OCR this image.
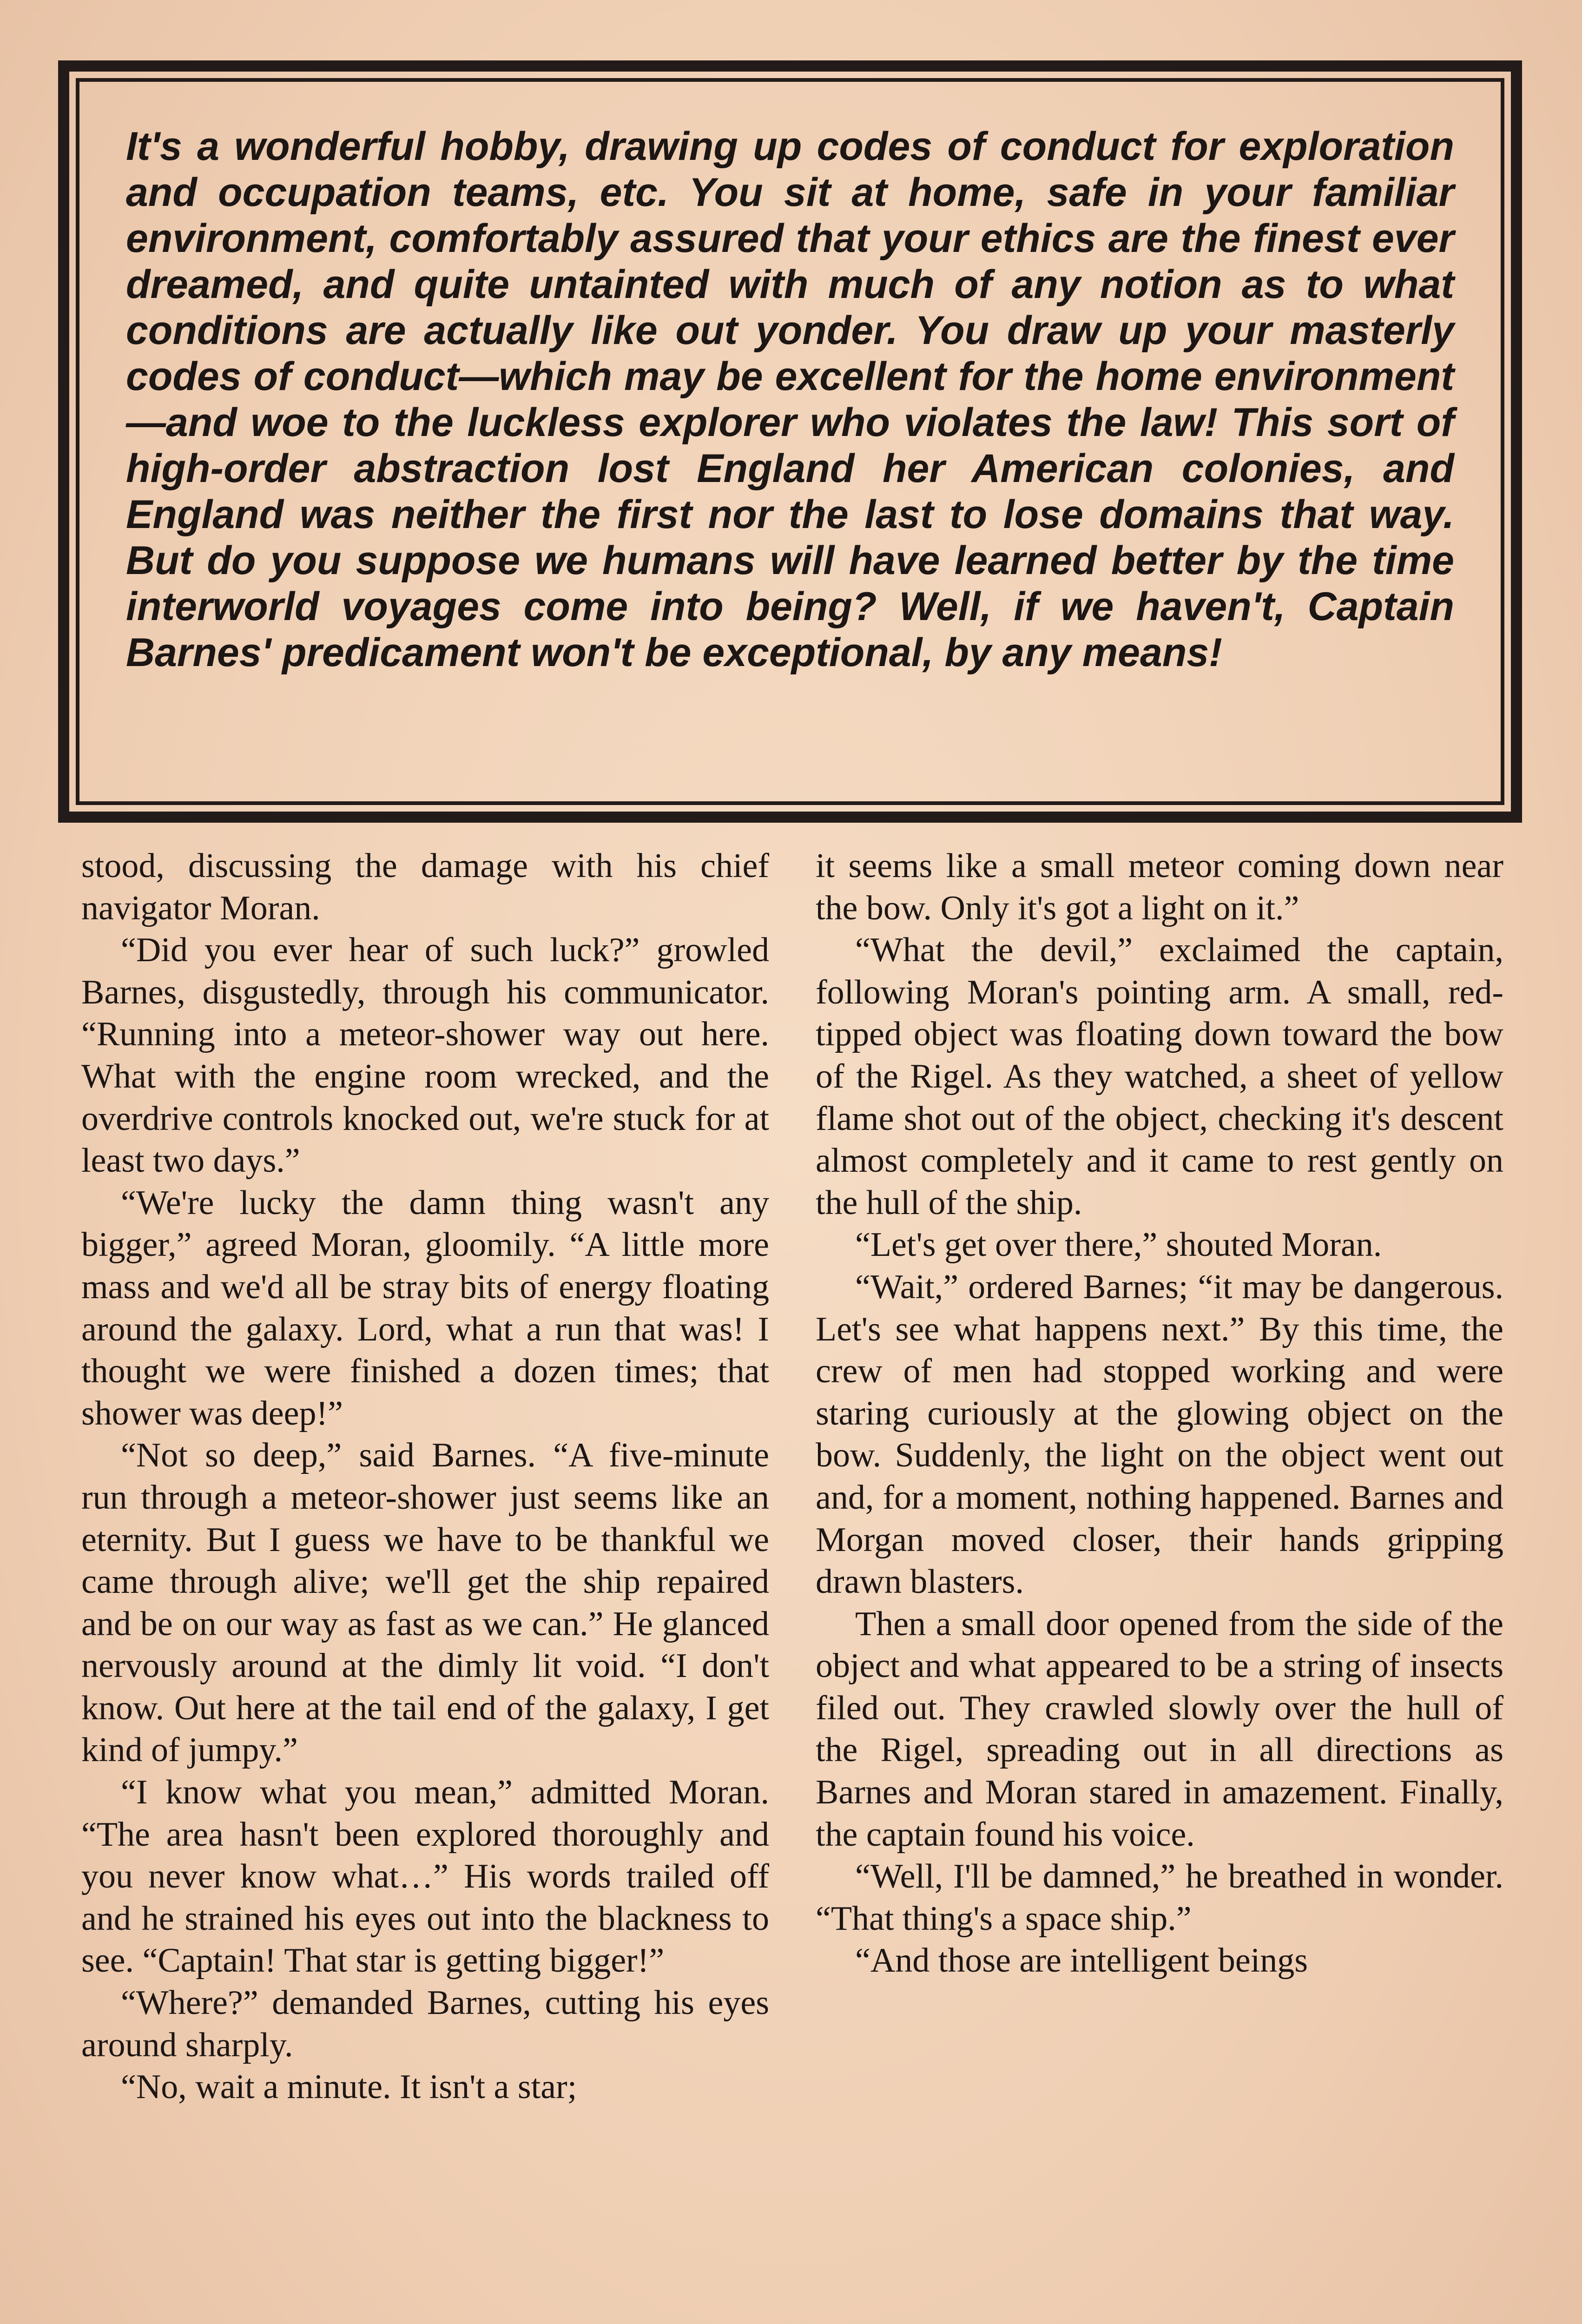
It's a wonderful hobby, drawing up codes of conduct for exploration and occupation teams, etc. You sit at home, safe in your familiar environment, comfortably assured that your ethics are the finest ever dreamed, and quite untainted with much of any notion as to what conditions are actually like out yonder. You draw up your masterly codes of conduct—which may be excellent for the home environment—and woe to the luckless explorer who violates the law! This sort of high-order abstraction lost England her American colonies, and England was neither the first nor the last to lose domains that way. But do you suppose we humans will have learned better by the time interworld voyages come into being? Well, if we haven't, Captain Barnes' predicament won't be exceptional, by any means!

stood, discussing the damage with his chief navigator Moran.

“Did you ever hear of such luck?” growled Barnes, disgustedly, through his communicator. “Running into a meteor-shower way out here. What with the engine room wrecked, and the overdrive controls knocked out, we're stuck for at least two days.”

“We're lucky the damn thing wasn't any bigger,” agreed Moran, gloomily. “A little more mass and we'd all be stray bits of energy floating around the galaxy. Lord, what a run that was! I thought we were finished a dozen times; that shower was deep!”

“Not so deep,” said Barnes. “A five-minute run through a meteor-shower just seems like an eternity. But I guess we have to be thankful we came through alive; we'll get the ship repaired and be on our way as fast as we can.” He glanced nervously around at the dimly lit void. “I don't know. Out here at the tail end of the galaxy, I get kind of jumpy.”

“I know what you mean,” admitted Moran. “The area hasn't been explored thoroughly and you never know what…” His words trailed off and he strained his eyes out into the blackness to see. “Captain! That star is getting bigger!”

“Where?” demanded Barnes, cutting his eyes around sharply.

“No, wait a minute. It isn't a star;

it seems like a small meteor coming down near the bow. Only it's got a light on it.”

“What the devil,” exclaimed the captain, following Moran's pointing arm. A small, red-tipped object was floating down toward the bow of the Rigel. As they watched, a sheet of yellow flame shot out of the object, checking it's descent almost completely and it came to rest gently on the hull of the ship.

“Let's get over there,” shouted Moran.

“Wait,” ordered Barnes; “it may be dangerous. Let's see what happens next.” By this time, the crew of men had stopped working and were staring curiously at the glowing object on the bow. Suddenly, the light on the object went out and, for a moment, nothing happened. Barnes and Morgan moved closer, their hands gripping drawn blasters.

Then a small door opened from the side of the object and what appeared to be a string of insects filed out. They crawled slowly over the hull of the Rigel, spreading out in all directions as Barnes and Moran stared in amazement. Finally, the captain found his voice.

“Well, I'll be damned,” he breathed in wonder. “That thing's a space ship.”

“And those are intelligent beings
